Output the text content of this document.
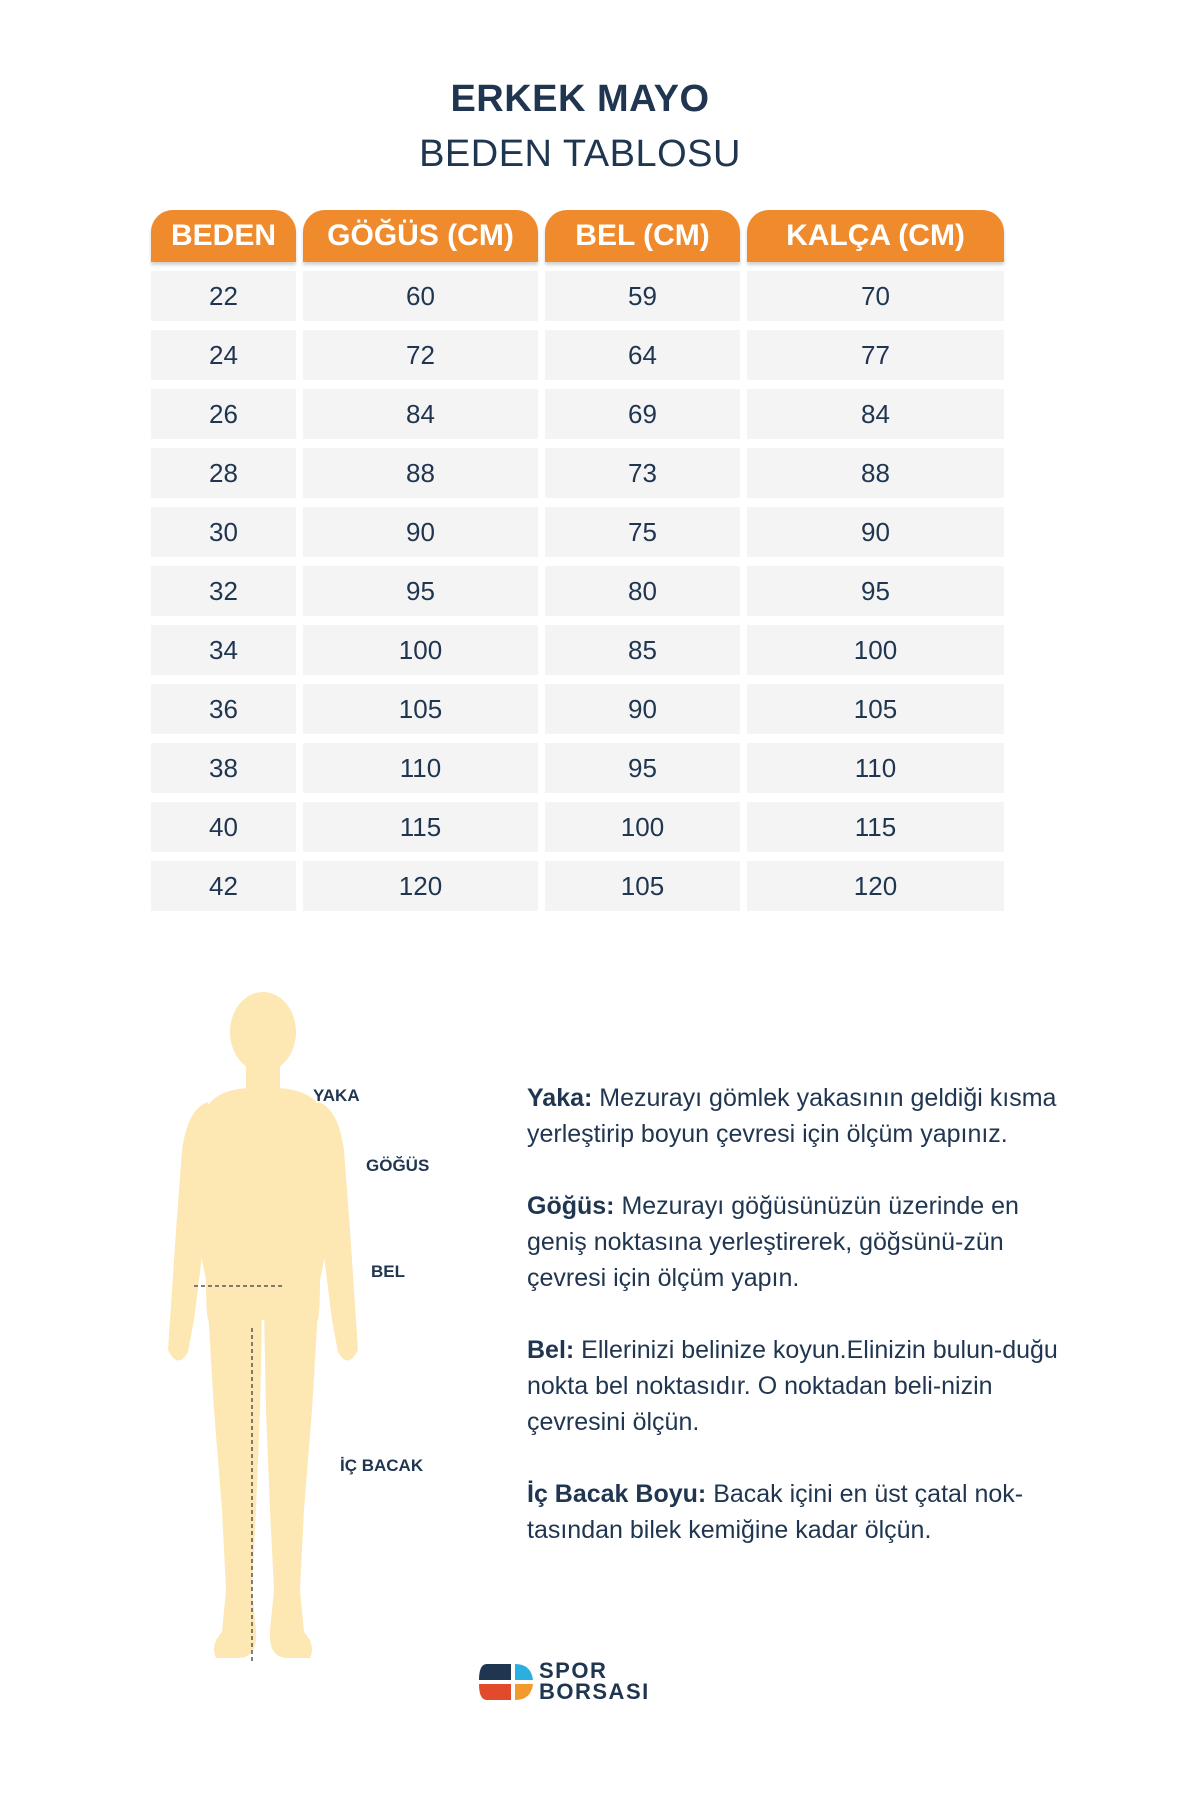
ERKEK MAYO
BEDEN TABLOSU
BEDEN	GÖĞÜS (CM)	BEL (CM)	KALÇA (CM)
22	60	59	70
24	72	64	77
26	84	69	84
28	88	73	88
30	90	75	90
32	95	80	95
34	100	85	100
36	105	90	105
38	110	95	110
40	115	100	115
42	120	105	120
YAKA
GÖĞÜS
BEL
İÇ BACAK

Yaka: Mezurayı gömlek yakasının geldiği kısma yerleştirip boyun çevresi için ölçüm yapınız.

Göğüs: Mezurayı göğüsünüzün üzerinde en geniş noktasına yerleştirerek, göğsünü-zün çevresi için ölçüm yapın.

Bel: Ellerinizi belinize koyun.Elinizin bulun-duğu nokta bel noktasıdır. O noktadan beli-nizin çevresini ölçün.

İç Bacak Boyu: Bacak içini en üst çatal nok-tasından bilek kemiğine kadar ölçün.

SPOR
BORSASI
